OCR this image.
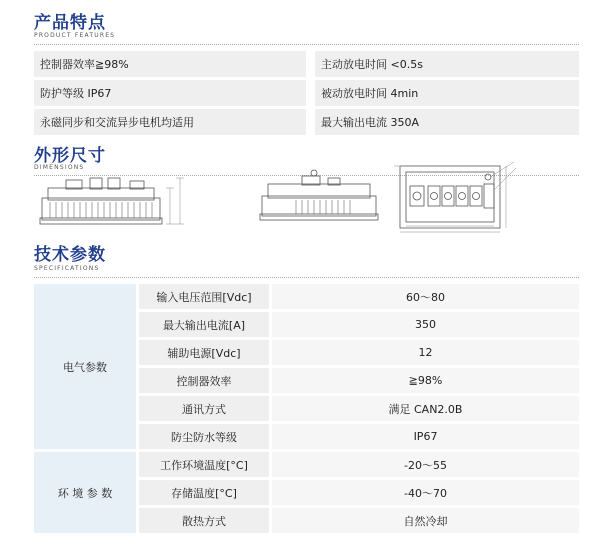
产品特点
PRODUCT FEATURES
控制器效率≧98%	主动放电时间 <0.5s
防护等级 IP67	被动放电时间 4min
永磁同步和交流异步电机均适用	最大输出电流 350A
外形尺寸
DIMENSIONS
技术参数
SPECIFICATIONS
电气参数
输入电压范围[Vdc]	60〜80
最大输出电流[A]	350
辅助电源[Vdc]	12
控制器效率	≧98%
通讯方式	满足 CAN2.0B
防尘防水等级	IP67
环 境 参 数
工作环境温度[°C]	-20〜55
存储温度[°C]	-40〜70
散热方式	自然冷却
